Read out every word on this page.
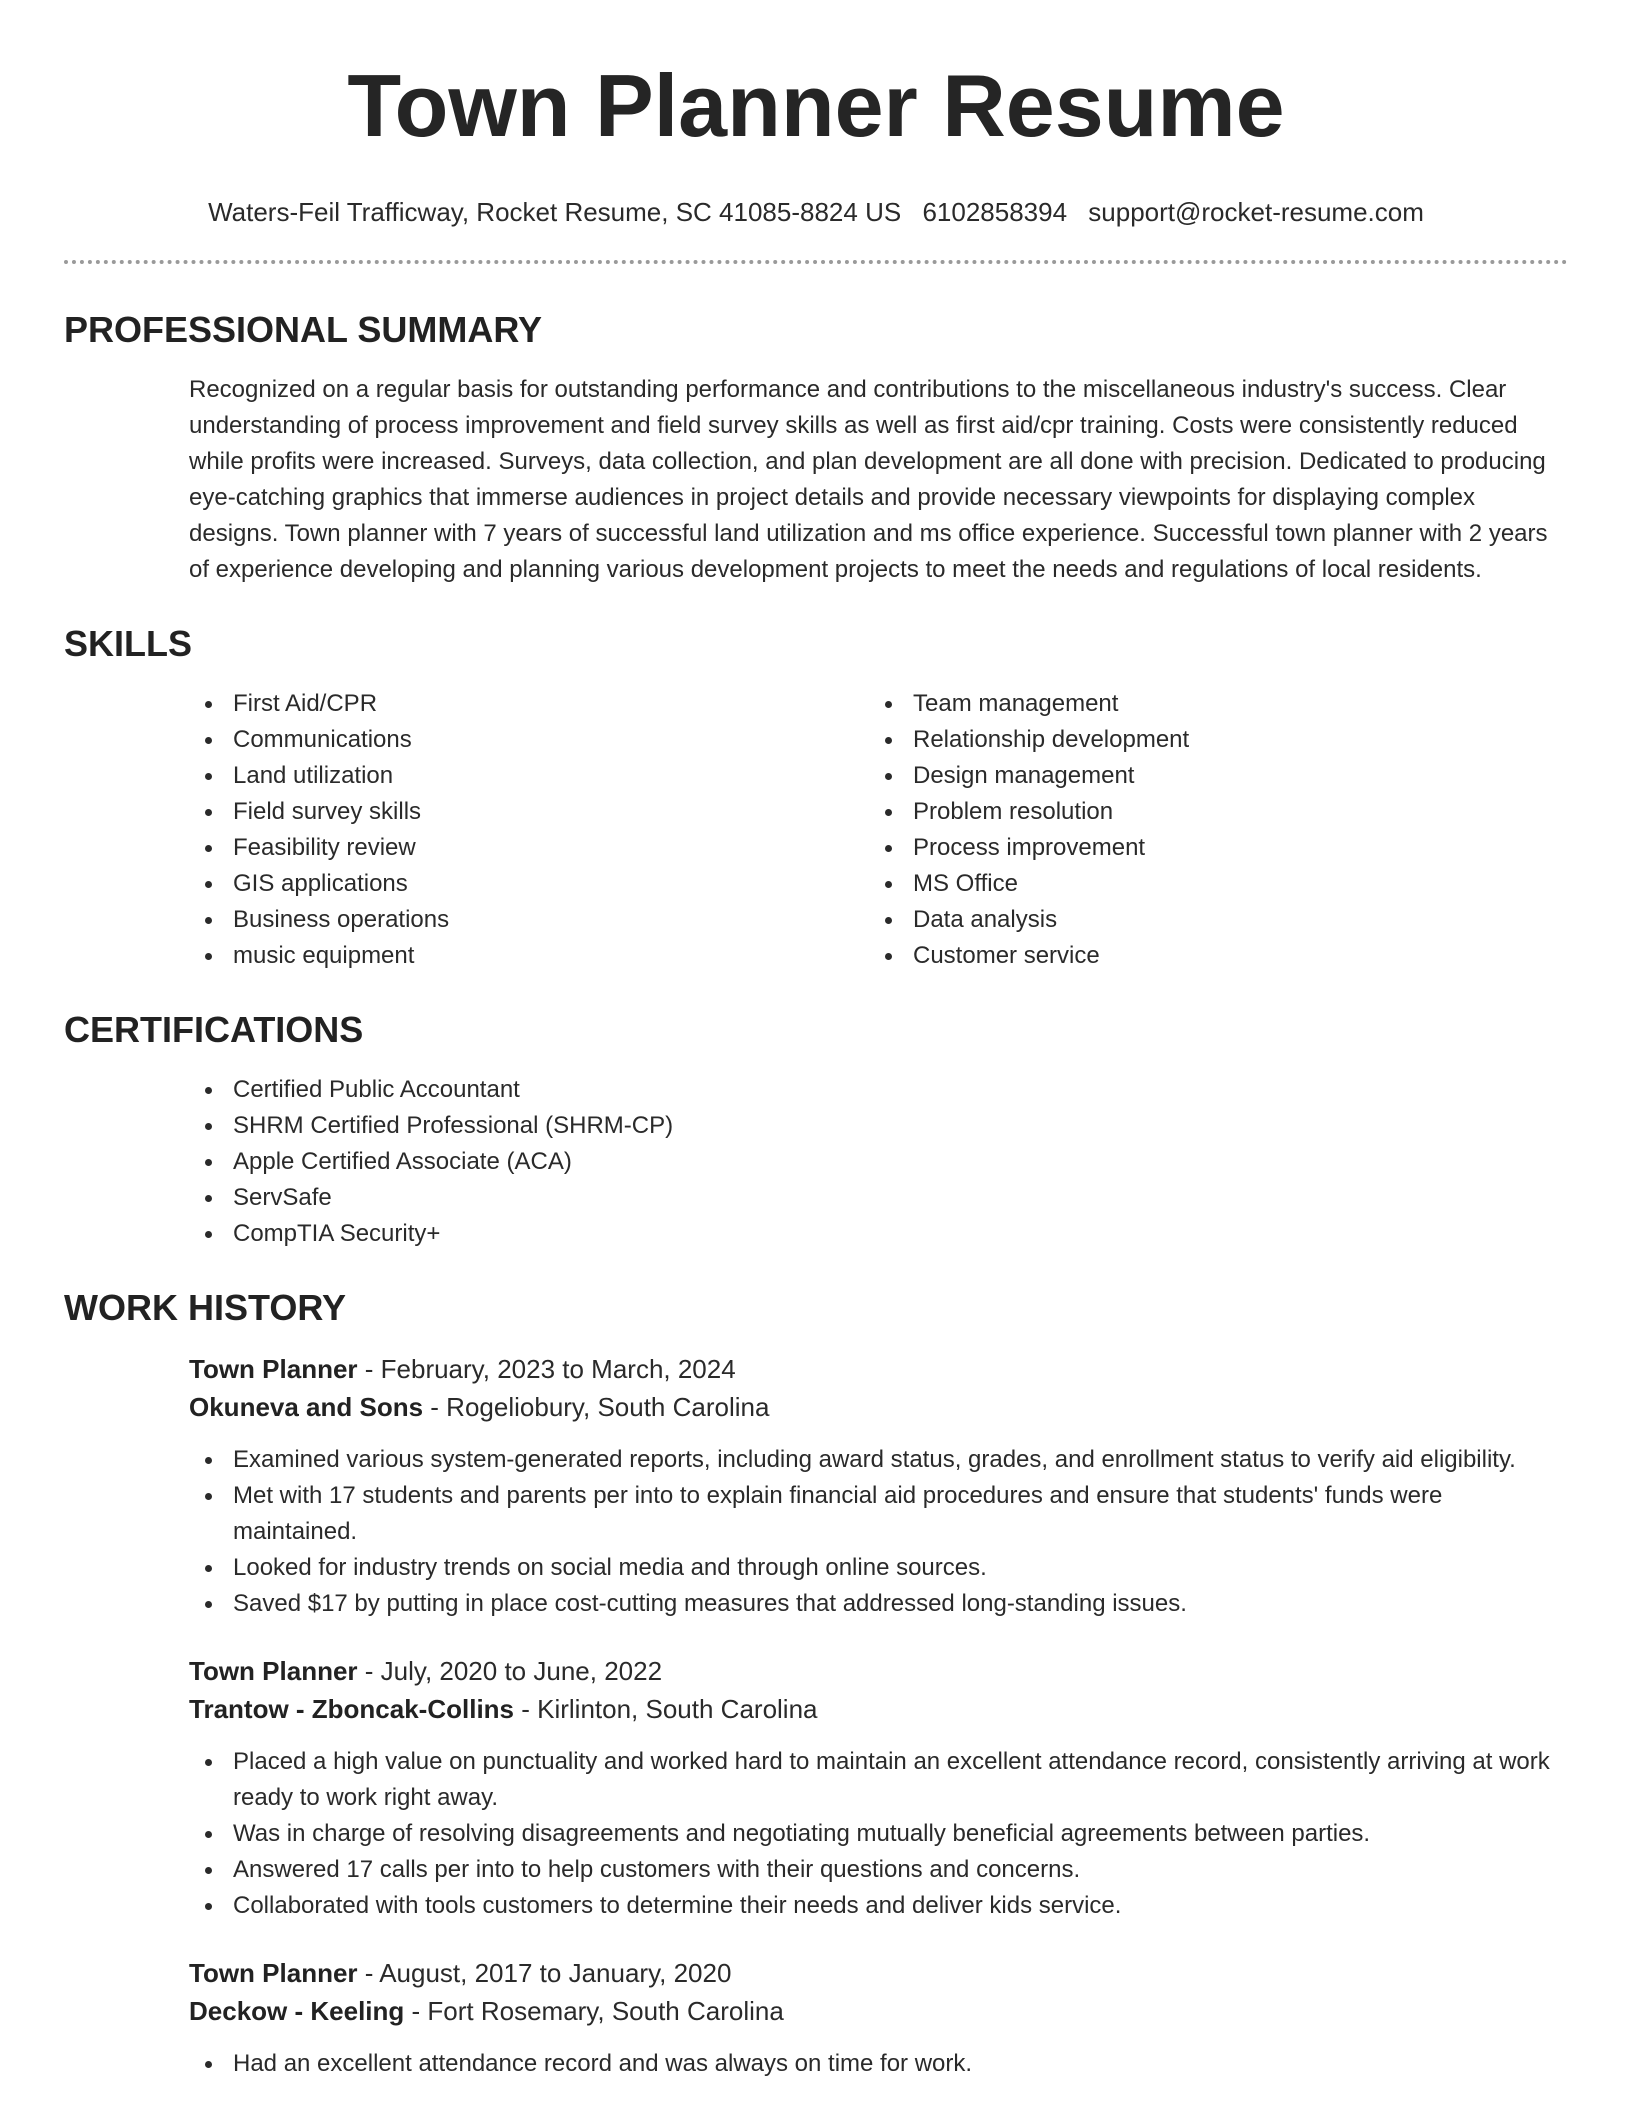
Town Planner Resume
Waters-Feil Trafficway, Rocket Resume, SC 41085-8824 US 6102858394 support@rocket-resume.com
PROFESSIONAL SUMMARY
Recognized on a regular basis for outstanding performance and contributions to the miscellaneous industry's success. Clear understanding of process improvement and field survey skills as well as first aid/cpr training. Costs were consistently reduced while profits were increased. Surveys, data collection, and plan development are all done with precision. Dedicated to producing eye-catching graphics that immerse audiences in project details and provide necessary viewpoints for displaying complex designs. Town planner with 7 years of successful land utilization and ms office experience. Successful town planner with 2 years of experience developing and planning various development projects to meet the needs and regulations of local residents.
SKILLS
First Aid/CPR
Communications
Land utilization
Field survey skills
Feasibility review
GIS applications
Business operations
music equipment
Team management
Relationship development
Design management
Problem resolution
Process improvement
MS Office
Data analysis
Customer service
CERTIFICATIONS
Certified Public Accountant
SHRM Certified Professional (SHRM-CP)
Apple Certified Associate (ACA)
ServSafe
CompTIA Security+
WORK HISTORY
Town Planner - February, 2023 to March, 2024
Okuneva and Sons - Rogeliobury, South Carolina
Examined various system-generated reports, including award status, grades, and enrollment status to verify aid eligibility.
Met with 17 students and parents per into to explain financial aid procedures and ensure that students' funds were maintained.
Looked for industry trends on social media and through online sources.
Saved $17 by putting in place cost-cutting measures that addressed long-standing issues.
Town Planner - July, 2020 to June, 2022
Trantow - Zboncak-Collins - Kirlinton, South Carolina
Placed a high value on punctuality and worked hard to maintain an excellent attendance record, consistently arriving at work ready to work right away.
Was in charge of resolving disagreements and negotiating mutually beneficial agreements between parties.
Answered 17 calls per into to help customers with their questions and concerns.
Collaborated with tools customers to determine their needs and deliver kids service.
Town Planner - August, 2017 to January, 2020
Deckow - Keeling - Fort Rosemary, South Carolina
Had an excellent attendance record and was always on time for work.
